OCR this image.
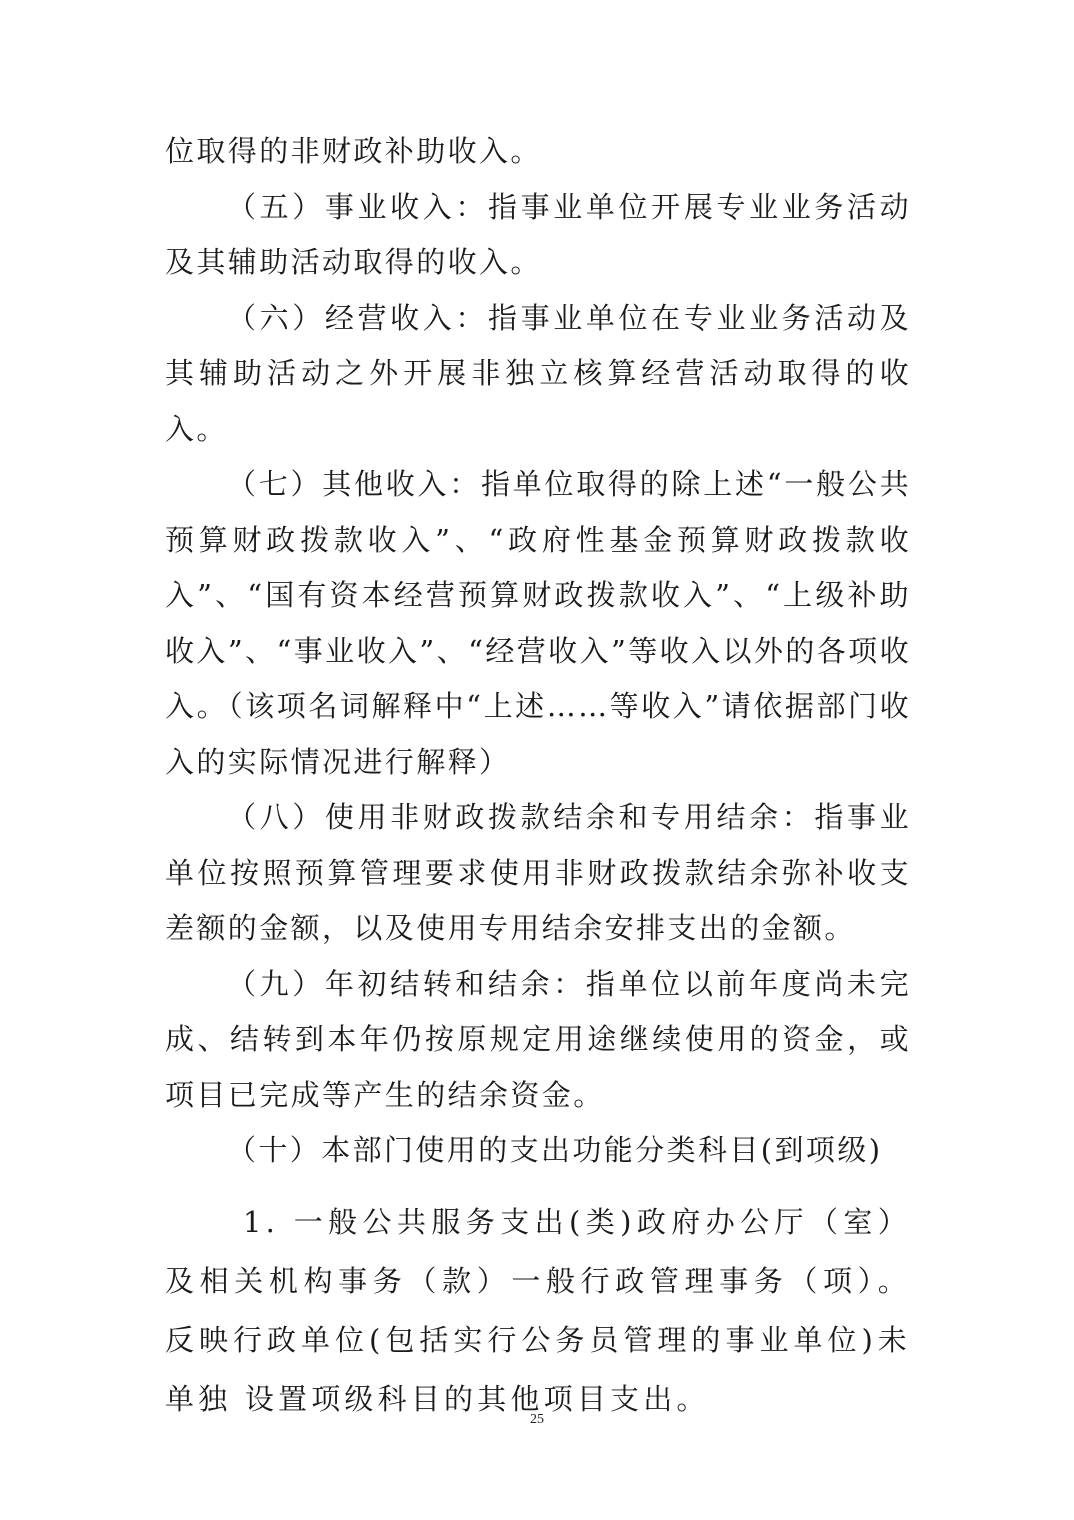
位取得的非财政补助收入。

（五）事业收入：指事业单位开展专业业务活动及其辅助活动取得的收入。

（六）经营收入：指事业单位在专业业务活动及其辅助活动之外开展非独立核算经营活动取得的收入。

（七）其他收入：指单位取得的除上述“一般公共预算财政拨款收入”、“政府性基金预算财政拨款收入”、“国有资本经营预算财政拨款收入”、“上级补助收入”、“事业收入”、“经营收入”等收入以外的各项收入。（该项名词解释中“上述……等收入”请依据部门收入的实际情况进行解释）

（八）使用非财政拨款结余和专用结余：指事业单位按照预算管理要求使用非财政拨款结余弥补收支差额的金额，以及使用专用结余安排支出的金额。

（九）年初结转和结余：指单位以前年度尚未完成、结转到本年仍按原规定用途继续使用的资金，或项目已完成等产生的结余资金。

（十）本部门使用的支出功能分类科目(到项级)

1. 一般公共服务支出(类)政府办公厅（室）及相关机构事务（款）一般行政管理事务（项）。反映行政单位(包括实行公务员管理的事业单位)未单独 设置项级科目的其他项目支出。

25
